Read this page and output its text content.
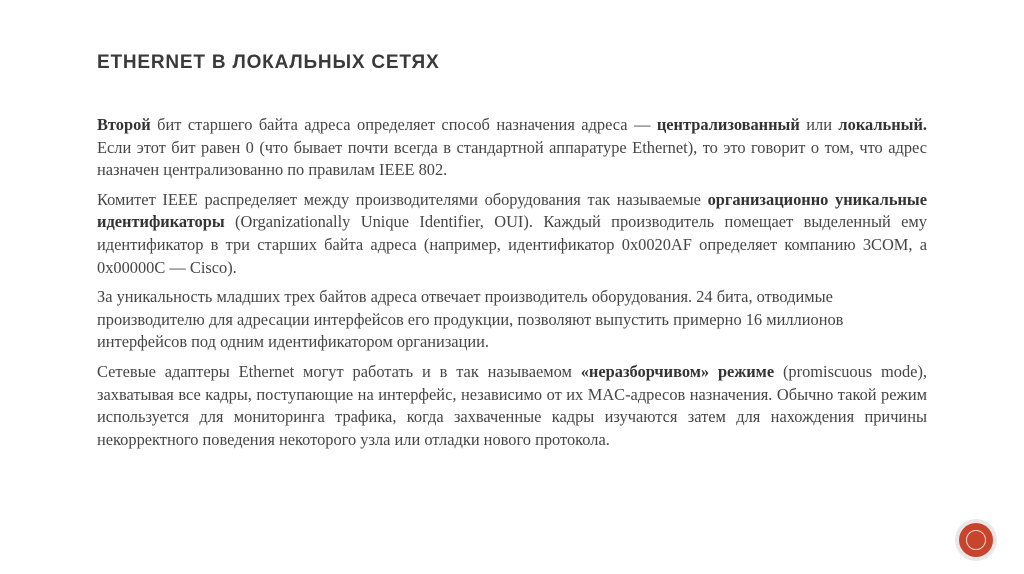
ETHERNET В ЛОКАЛЬНЫХ СЕТЯХ

Второй бит старшего байта адреса определяет способ назначения адреса — централизованный или локальный. Если этот бит равен 0 (что бывает почти всегда в стандартной аппаратуре Ethernet), то это говорит о том, что адрес назначен централизованно по правилам IEEE 802.

Комитет IEEE распределяет между производителями оборудования так называемые организационно уникальные идентификаторы (Organizationally Unique Identifier, OUI). Каждый производитель помещает выделенный ему идентификатор в три старших байта адреса (например, идентификатор 0x0020AF определяет компанию 3COM, а 0x00000C — Cisco).

За уникальность младших трех байтов адреса отвечает производитель оборудования. 24 бита, отводимые производителю для адресации интерфейсов его продукции, позволяют выпустить примерно 16 миллионов интерфейсов под одним идентификатором организации.

Сетевые адаптеры Ethernet могут работать и в так называемом «неразборчивом» режиме (promiscuous mode), захватывая все кадры, поступающие на интерфейс, независимо от их MAC-адресов назначения. Обычно такой режим используется для мониторинга трафика, когда захваченные кадры изучаются затем для нахождения причины некорректного поведения некоторого узла или отладки нового протокола.
